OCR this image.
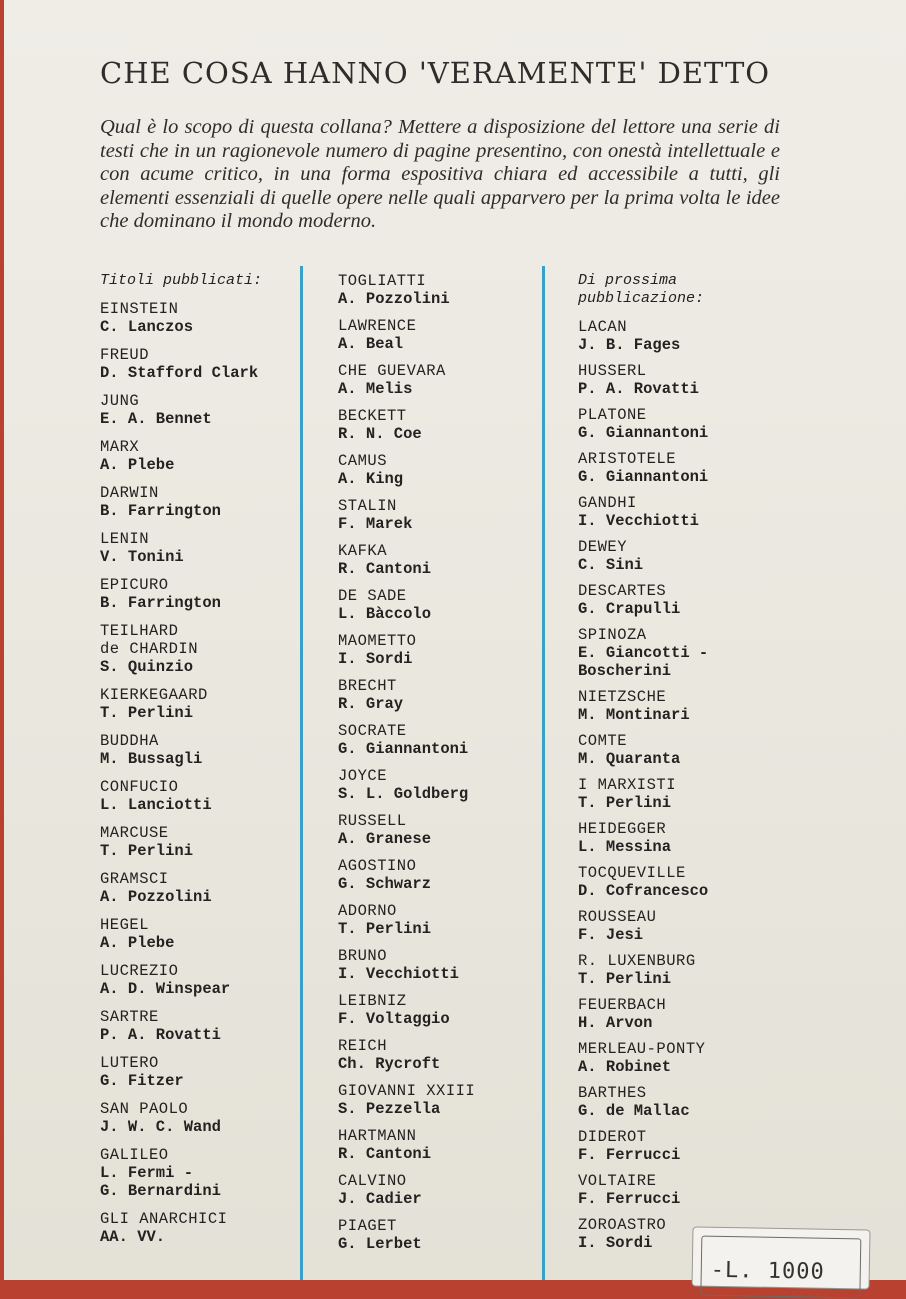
CHE COSA HANNO 'VERAMENTE' DETTO
Qual è lo scopo di questa collana? Mettere a disposizione del lettore una serie di testi che in un ragionevole numero di pagine presentino, con onestà intellettuale e con acume critico, in una forma espositiva chiara ed accessibile a tutti, gli elementi essenziali di quelle opere nelle quali apparvero per la prima volta le idee che dominano il mondo moderno.
Titoli pubblicati:
EINSTEIN
C. Lanczos
FREUD
D. Stafford Clark
JUNG
E. A. Bennet
MARX
A. Plebe
DARWIN
B. Farrington
LENIN
V. Tonini
EPICURO
B. Farrington
TEILHARD
de CHARDIN
S. Quinzio
KIERKEGAARD
T. Perlini
BUDDHA
M. Bussagli
CONFUCIO
L. Lanciotti
MARCUSE
T. Perlini
GRAMSCI
A. Pozzolini
HEGEL
A. Plebe
LUCREZIO
A. D. Winspear
SARTRE
P. A. Rovatti
LUTERO
G. Fitzer
SAN PAOLO
J. W. C. Wand
GALILEO
L. Fermi -
G. Bernardini
GLI ANARCHICI
AA. VV.
TOGLIATTI
A. Pozzolini
LAWRENCE
A. Beal
CHE GUEVARA
A. Melis
BECKETT
R. N. Coe
CAMUS
A. King
STALIN
F. Marek
KAFKA
R. Cantoni
DE SADE
L. Bàccolo
MAOMETTO
I. Sordi
BRECHT
R. Gray
SOCRATE
G. Giannantoni
JOYCE
S. L. Goldberg
RUSSELL
A. Granese
AGOSTINO
G. Schwarz
ADORNO
T. Perlini
BRUNO
I. Vecchiotti
LEIBNIZ
F. Voltaggio
REICH
Ch. Rycroft
GIOVANNI XXIII
S. Pezzella
HARTMANN
R. Cantoni
CALVINO
J. Cadier
PIAGET
G. Lerbet
Di prossima
pubblicazione:
LACAN
J. B. Fages
HUSSERL
P. A. Rovatti
PLATONE
G. Giannantoni
ARISTOTELE
G. Giannantoni
GANDHI
I. Vecchiotti
DEWEY
C. Sini
DESCARTES
G. Crapulli
SPINOZA
E. Giancotti -
Boscherini
NIETZSCHE
M. Montinari
COMTE
M. Quaranta
I MARXISTI
T. Perlini
HEIDEGGER
L. Messina
TOCQUEVILLE
D. Cofrancesco
ROUSSEAU
F. Jesi
R. LUXENBURG
T. Perlini
FEUERBACH
H. Arvon
MERLEAU-PONTY
A. Robinet
BARTHES
G. de Mallac
DIDEROT
F. Ferrucci
VOLTAIRE
F. Ferrucci
ZOROASTRO
I. Sordi
-L. 1000
